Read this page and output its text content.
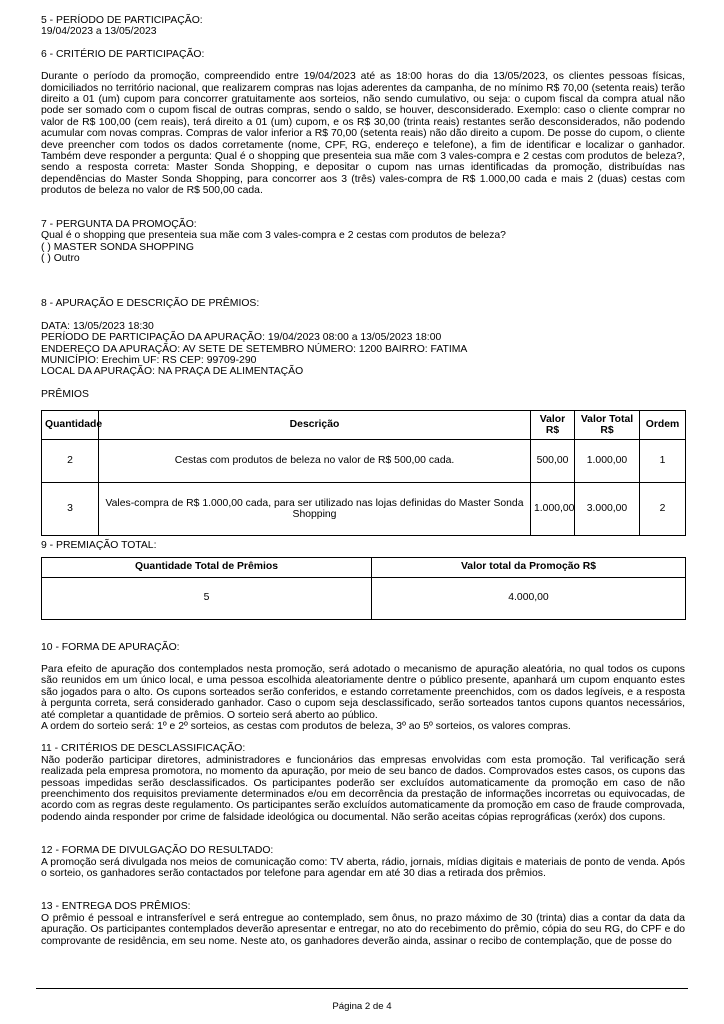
5 - PERÍODO DE PARTICIPAÇÃO:

19/04/2023 a 13/05/2023

6 - CRITÉRIO DE PARTICIPAÇÃO:

Durante o período da promoção, compreendido entre 19/04/2023 até as 18:00 horas do dia 13/05/2023, os clientes pessoas físicas, domiciliados no território nacional, que realizarem compras nas lojas aderentes da campanha, de no mínimo R$ 70,00 (setenta reais) terão direito a 01 (um) cupom para concorrer gratuitamente aos sorteios, não sendo cumulativo, ou seja: o cupom fiscal da compra atual não pode ser somado com o cupom fiscal de outras compras, sendo o saldo, se houver, desconsiderado. Exemplo: caso o cliente comprar no valor de R$ 100,00 (cem reais), terá direito a 01 (um) cupom, e os R$ 30,00 (trinta reais) restantes serão desconsiderados, não podendo acumular com novas compras. Compras de valor inferior a R$ 70,00 (setenta reais) não dão direito a cupom. De posse do cupom, o cliente deve preencher com todos os dados corretamente (nome, CPF, RG, endereço e telefone), a fim de identificar e localizar o ganhador. Também deve responder a pergunta: Qual é o shopping que presenteia sua mãe com 3 vales-compra e 2 cestas com produtos de beleza?, sendo a resposta correta: Master Sonda Shopping, e depositar o cupom nas urnas identificadas da promoção, distribuídas nas dependências do Master Sonda Shopping, para concorrer aos 3 (três) vales-compra de R$ 1.000,00 cada e mais 2 (duas) cestas com produtos de beleza no valor de R$ 500,00 cada.

7 - PERGUNTA DA PROMOÇÃO:

Qual é o shopping que presenteia sua mãe com 3 vales-compra e 2 cestas com produtos de beleza?

( ) MASTER SONDA SHOPPING

( ) Outro

8 - APURAÇÃO E DESCRIÇÃO DE PRÊMIOS:

DATA: 13/05/2023 18:30

PERÍODO DE PARTICIPAÇÃO DA APURAÇÃO: 19/04/2023 08:00 a 13/05/2023 18:00

ENDEREÇO DA APURAÇÃO: AV SETE DE SETEMBRO NÚMERO: 1200 BAIRRO: FATIMA

MUNICÍPIO: Erechim UF: RS CEP: 99709-290

LOCAL DA APURAÇÃO: NA PRAÇA DE ALIMENTAÇÃO

PRÊMIOS

Quantidade	Descrição	Valor R$	Valor Total R$	Ordem
2	Cestas com produtos de beleza no valor de R$ 500,00 cada.	500,00	1.000,00	1
3	Vales-compra de R$ 1.000,00 cada, para ser utilizado nas lojas definidas do Master Sonda Shopping	1.000,00	3.000,00	2

9 - PREMIAÇÃO TOTAL:

Quantidade Total de Prêmios	Valor total da Promoção R$
5	4.000,00

10 - FORMA DE APURAÇÃO:

Para efeito de apuração dos contemplados nesta promoção, será adotado o mecanismo de apuração aleatória, no qual todos os cupons são reunidos em um único local, e uma pessoa escolhida aleatoriamente dentre o público presente, apanhará um cupom enquanto estes são jogados para o alto. Os cupons sorteados serão conferidos, e estando corretamente preenchidos, com os dados legíveis, e a resposta à pergunta correta, será considerado ganhador. Caso o cupom seja desclassificado, serão sorteados tantos cupons quantos necessários, até completar a quantidade de prêmios. O sorteio será aberto ao público.

A ordem do sorteio será: 1º e 2º sorteios, as cestas com produtos de beleza, 3º ao 5º sorteios, os valores compras.

11 - CRITÉRIOS DE DESCLASSIFICAÇÃO:

Não poderão participar diretores, administradores e funcionários das empresas envolvidas com esta promoção. Tal verificação será realizada pela empresa promotora, no momento da apuração, por meio de seu banco de dados. Comprovados estes casos, os cupons das pessoas impedidas serão desclassificados. Os participantes poderão ser excluídos automaticamente da promoção em caso de não preenchimento dos requisitos previamente determinados e/ou em decorrência da prestação de informações incorretas ou equivocadas, de acordo com as regras deste regulamento. Os participantes serão excluídos automaticamente da promoção em caso de fraude comprovada, podendo ainda responder por crime de falsidade ideológica ou documental. Não serão aceitas cópias reprográficas (xeróx) dos cupons.

12 - FORMA DE DIVULGAÇÃO DO RESULTADO:

A promoção será divulgada nos meios de comunicação como: TV aberta, rádio, jornais, mídias digitais e materiais de ponto de venda. Após o sorteio, os ganhadores serão contactados por telefone para agendar em até 30 dias a retirada dos prêmios.

13 - ENTREGA DOS PRÊMIOS:

O prêmio é pessoal e intransferível e será entregue ao contemplado, sem ônus, no prazo máximo de 30 (trinta) dias a contar da data da apuração. Os participantes contemplados deverão apresentar e entregar, no ato do recebimento do prêmio, cópia do seu RG, do CPF e do comprovante de residência, em seu nome. Neste ato, os ganhadores deverão ainda, assinar o recibo de contemplação, que de posse do

Página 2 de 4
